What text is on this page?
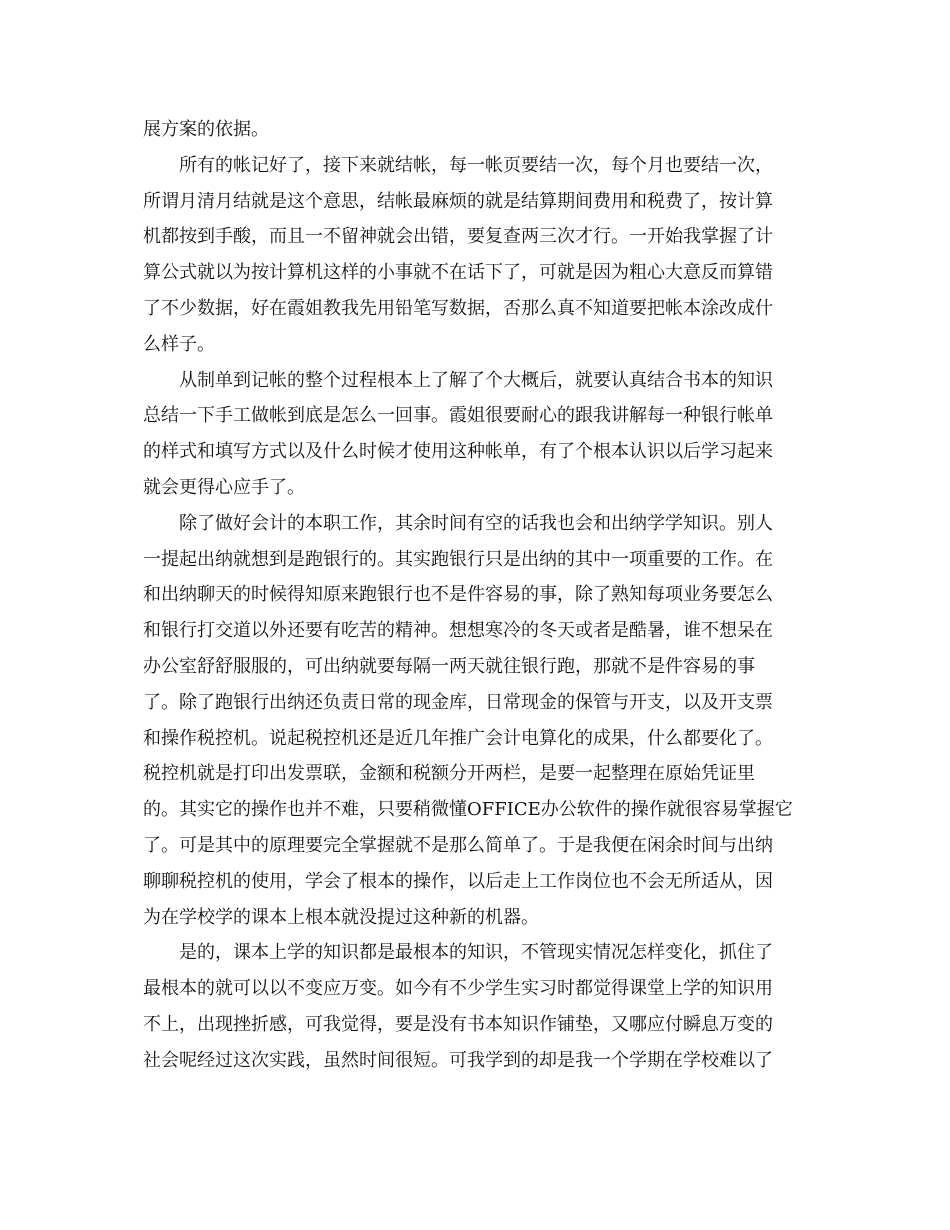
展方案的依据。
所有的帐记好了，接下来就结帐，每一帐页要结一次，每个月也要结一次，
所谓月清月结就是这个意思，结帐最麻烦的就是结算期间费用和税费了，按计算
机都按到手酸，而且一不留神就会出错，要复查两三次才行。一开始我掌握了计
算公式就以为按计算机这样的小事就不在话下了，可就是因为粗心大意反而算错
了不少数据，好在霞姐教我先用铅笔写数据，否那么真不知道要把帐本涂改成什
么样子。
从制单到记帐的整个过程根本上了解了个大概后，就要认真结合书本的知识
总结一下手工做帐到底是怎么一回事。霞姐很要耐心的跟我讲解每一种银行帐单
的样式和填写方式以及什么时候才使用这种帐单，有了个根本认识以后学习起来
就会更得心应手了。
除了做好会计的本职工作，其余时间有空的话我也会和出纳学学知识。别人
一提起出纳就想到是跑银行的。其实跑银行只是出纳的其中一项重要的工作。在
和出纳聊天的时候得知原来跑银行也不是件容易的事，除了熟知每项业务要怎么
和银行打交道以外还要有吃苦的精神。想想寒冷的冬天或者是酷暑，谁不想呆在
办公室舒舒服服的，可出纳就要每隔一两天就往银行跑，那就不是件容易的事
了。除了跑银行出纳还负责日常的现金库，日常现金的保管与开支，以及开支票
和操作税控机。说起税控机还是近几年推广会计电算化的成果，什么都要化了。
税控机就是打印出发票联，金额和税额分开两栏，是要一起整理在原始凭证里
的。其实它的操作也并不难，只要稍微懂OFFICE办公软件的操作就很容易掌握它
了。可是其中的原理要完全掌握就不是那么简单了。于是我便在闲余时间与出纳
聊聊税控机的使用，学会了根本的操作，以后走上工作岗位也不会无所适从，因
为在学校学的课本上根本就没提过这种新的机器。
是的，课本上学的知识都是最根本的知识，不管现实情况怎样变化，抓住了
最根本的就可以以不变应万变。如今有不少学生实习时都觉得课堂上学的知识用
不上，出现挫折感，可我觉得，要是没有书本知识作铺垫，又哪应付瞬息万变的
社会呢经过这次实践，虽然时间很短。可我学到的却是我一个学期在学校难以了
